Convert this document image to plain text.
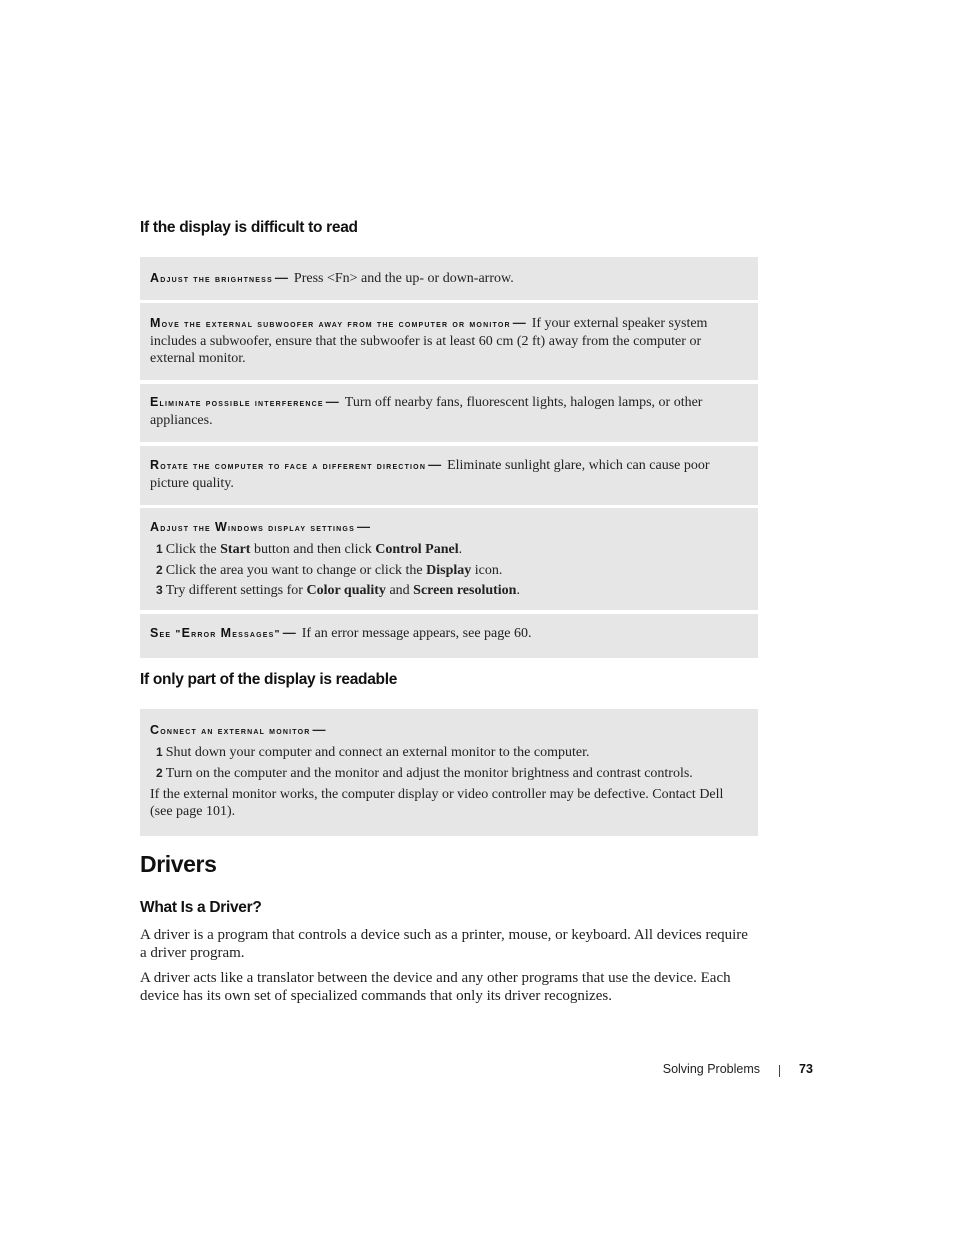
If the display is difficult to read
Adjust the brightness — Press <Fn> and the up- or down-arrow.
Move the external subwoofer away from the computer or monitor — If your external speaker system includes a subwoofer, ensure that the subwoofer is at least 60 cm (2 ft) away from the computer or external monitor.
Eliminate possible interference — Turn off nearby fans, fluorescent lights, halogen lamps, or other appliances.
Rotate the computer to face a different direction — Eliminate sunlight glare, which can cause poor picture quality.
Adjust the Windows display settings —
1 Click the Start button and then click Control Panel.
2 Click the area you want to change or click the Display icon.
3 Try different settings for Color quality and Screen resolution.
See "Error Messages" — If an error message appears, see page 60.
If only part of the display is readable
Connect an external monitor —
1 Shut down your computer and connect an external monitor to the computer.
2 Turn on the computer and the monitor and adjust the monitor brightness and contrast controls.
If the external monitor works, the computer display or video controller may be defective. Contact Dell (see page 101).
Drivers
What Is a Driver?

A driver is a program that controls a device such as a printer, mouse, or keyboard. All devices require a driver program.

A driver acts like a translator between the device and any other programs that use the device. Each device has its own set of specialized commands that only its driver recognizes.

Solving Problems	73
